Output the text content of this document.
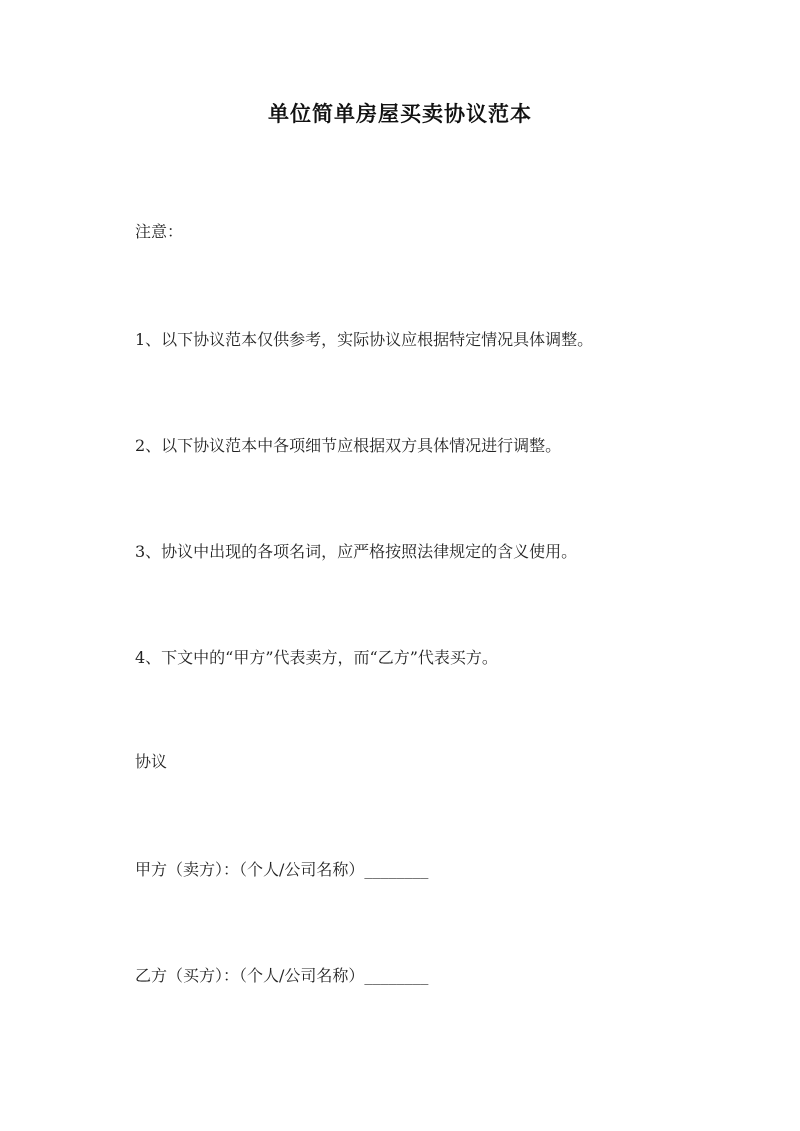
单位简单房屋买卖协议范本
注意：
1、以下协议范本仅供参考，实际协议应根据特定情况具体调整。
2、以下协议范本中各项细节应根据双方具体情况进行调整。
3、协议中出现的各项名词，应严格按照法律规定的含义使用。
4、下文中的“甲方”代表卖方，而“乙方”代表买方。
协议
甲方（卖方）：（个人/公司名称）________
乙方（买方）：（个人/公司名称）________
